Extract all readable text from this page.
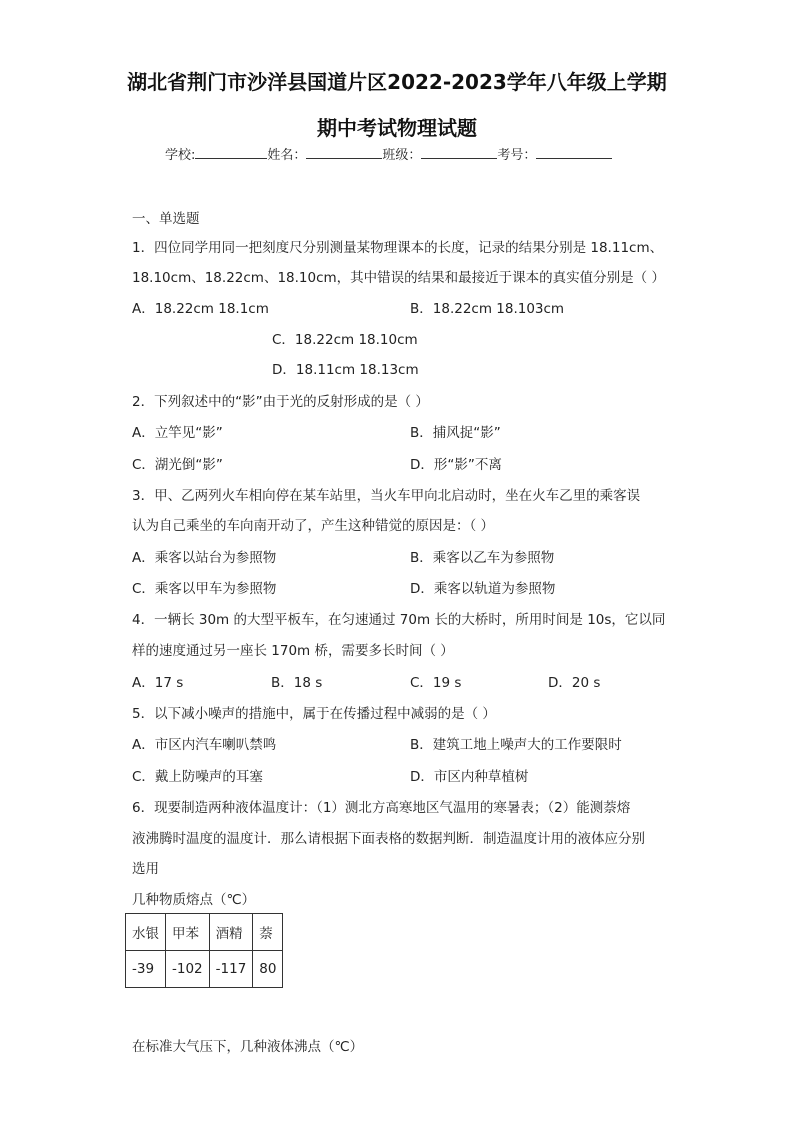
湖北省荆门市沙洋县国道片区2022-2023学年八年级上学期
期中考试物理试题
学校:	姓名：	班级：	考号：
一、单选题
1．四位同学用同一把刻度尺分别测量某物理课本的长度，记录的结果分别是 18.11cm、
18.10cm、18.22cm、18.10cm，其中错误的结果和最接近于课本的真实值分别是（ ）
A．18.22cm 18.1cm	B．18.22cm 18.103cm
C．18.22cm 18.10cm
D．18.11cm 18.13cm
2．下列叙述中的“影”由于光的反射形成的是（ ）
A．立竿见“影”	B．捕风捉“影”
C．湖光倒“影”	D．形“影”不离
3．甲、乙两列火车相向停在某车站里，当火车甲向北启动时，坐在火车乙里的乘客误
认为自己乘坐的车向南开动了，产生这种错觉的原因是：（ ）
A．乘客以站台为参照物	B．乘客以乙车为参照物
C．乘客以甲车为参照物	D．乘客以轨道为参照物
4．一辆长 30m 的大型平板车，在匀速通过 70m 长的大桥时，所用时间是 10s，它以同
样的速度通过另一座长 170m 桥，需要多长时间（ ）
A．17 s	B．18 s	C．19 s	D．20 s
5．以下减小噪声的措施中，属于在传播过程中减弱的是（ ）
A．市区内汽车喇叭禁鸣	B．建筑工地上噪声大的工作要限时
C．戴上防噪声的耳塞	D．市区内种草植树
6．现要制造两种液体温度计：（1）测北方高寒地区气温用的寒暑表；（2）能测萘熔
液沸腾时温度的温度计．那么请根据下面表格的数据判断．制造温度计用的液体应分别
选用
几种物质熔点（℃）
水银	甲苯	酒精	萘
-39	-102	-117	80
在标准大气压下，几种液体沸点（℃）
